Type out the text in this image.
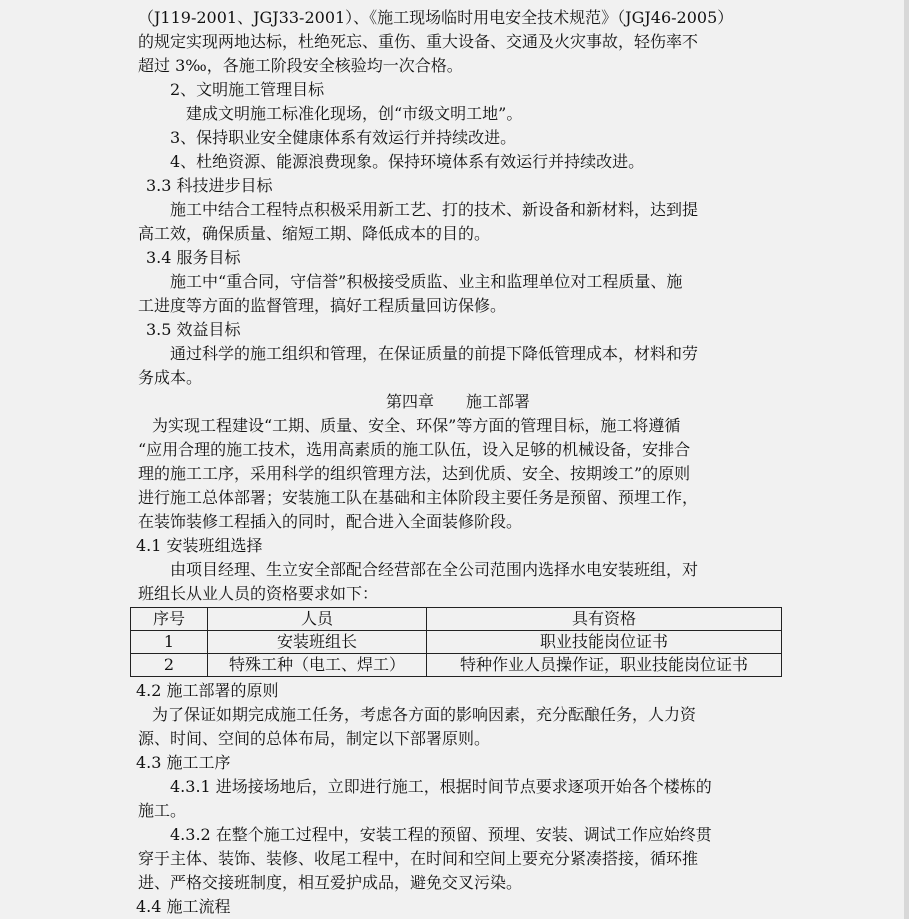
（J119-2001、JGJ33-2001）、《施工现场临时用电安全技术规范》（JGJ46-2005）

的规定实现两地达标，杜绝死忘、重伤、重大设备、交通及火灾事故，轻伤率不

超过 3‰，各施工阶段安全核验均一次合格。

2、文明施工管理目标

建成文明施工标准化现场，创“市级文明工地”。

3、保持职业安全健康体系有效运行并持续改进。

4、杜绝资源、能源浪费现象。保持环境体系有效运行并持续改进。

3.3 科技进步目标

施工中结合工程特点积极采用新工艺、打的技术、新设备和新材料，达到提

高工效，确保质量、缩短工期、降低成本的目的。

3.4 服务目标

施工中“重合同，守信誉”积极接受质监、业主和监理单位对工程质量、施

工进度等方面的监督管理，搞好工程质量回访保修。

3.5 效益目标

通过科学的施工组织和管理，在保证质量的前提下降低管理成本，材料和劳

务成本。

第四章　　施工部署

为实现工程建设“工期、质量、安全、环保”等方面的管理目标，施工将遵循

“应用合理的施工技术，选用高素质的施工队伍，设入足够的机械设备，安排合

理的施工工序，采用科学的组织管理方法，达到优质、安全、按期竣工”的原则

进行施工总体部署；安装施工队在基础和主体阶段主要任务是预留、预埋工作，

在装饰装修工程插入的同时，配合进入全面装修阶段。

4.1 安装班组选择

由项目经理、生立安全部配合经营部在全公司范围内选择水电安装班组，对

班组长从业人员的资格要求如下：

序号	人员	具有资格
1	安装班组长	职业技能岗位证书
2	特殊工种（电工、焊工）	特种作业人员操作证，职业技能岗位证书

4.2 施工部署的原则

为了保证如期完成施工任务，考虑各方面的影响因素，充分酝酿任务，人力资

源、时间、空间的总体布局，制定以下部署原则。

4.3 施工工序

4.3.1 进场接场地后，立即进行施工，根据时间节点要求逐项开始各个楼栋的

施工。

4.3.2 在整个施工过程中，安装工程的预留、预埋、安装、调试工作应始终贯

穿于主体、装饰、装修、收尾工程中，在时间和空间上要充分紧凑搭接，循环推

进、严格交接班制度，相互爱护成品，避免交叉污染。

4.4 施工流程
